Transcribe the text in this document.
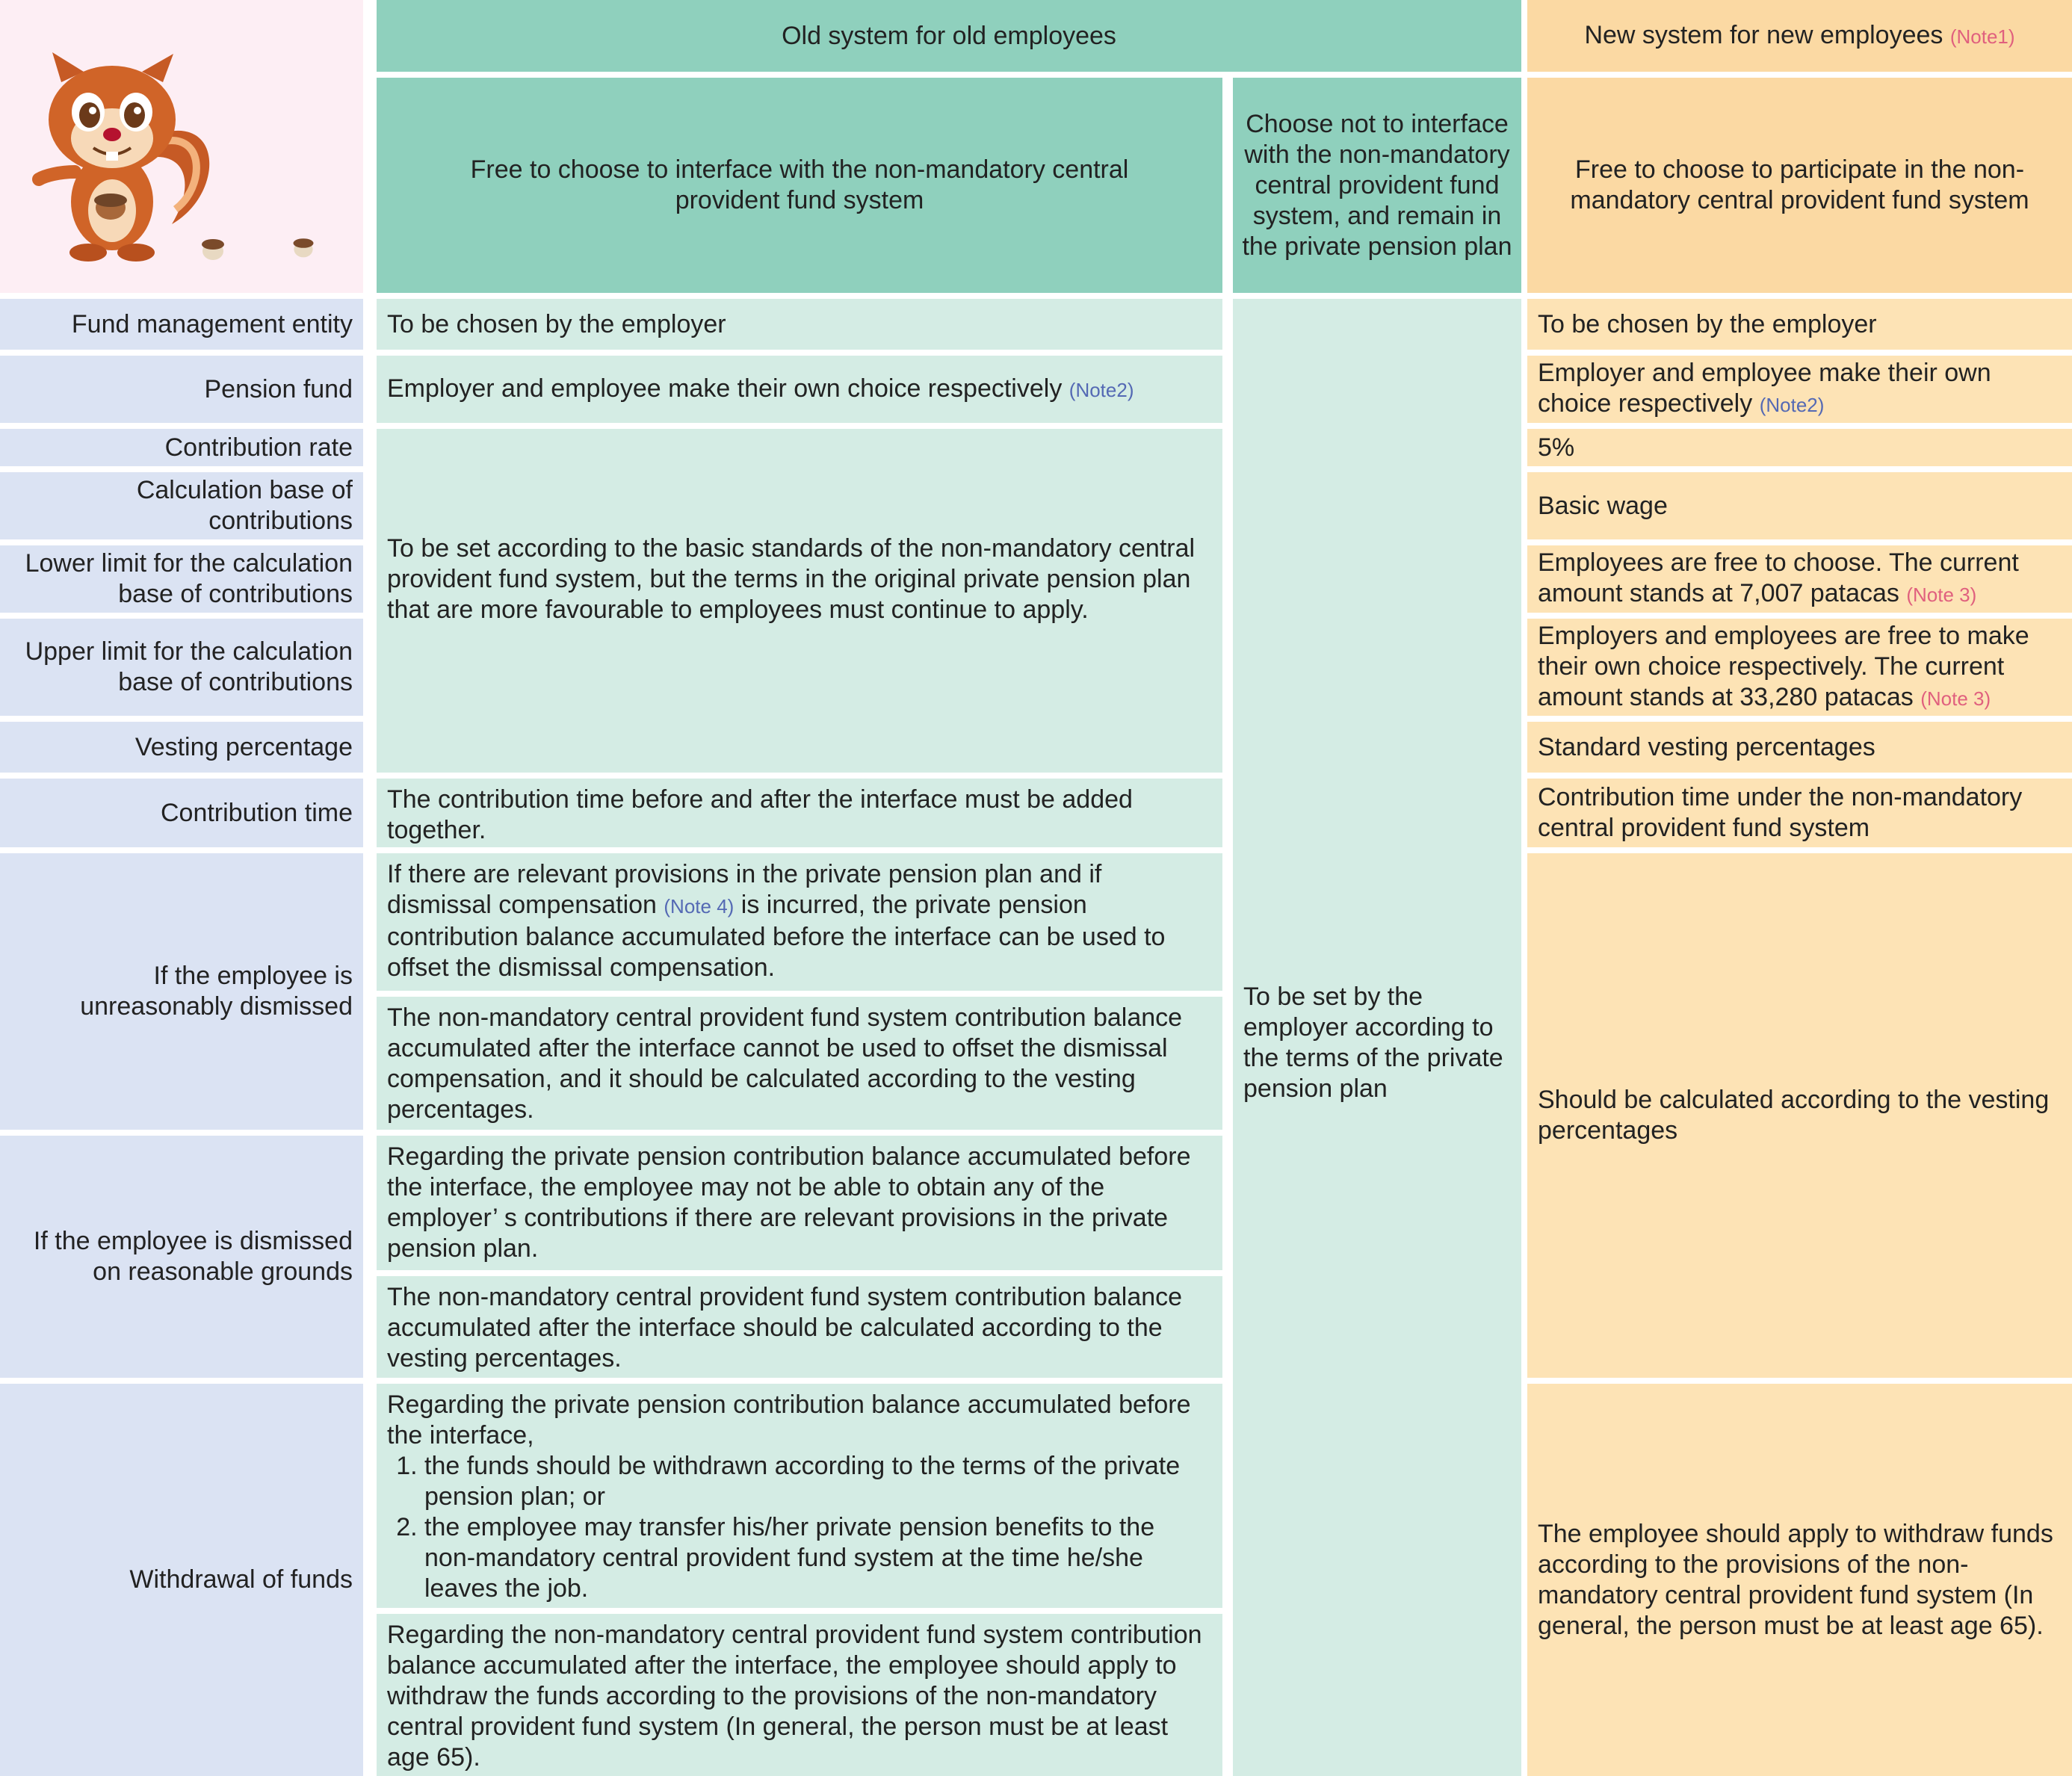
Old system for old employees	New system for new employees (Note1)
Free to choose to interface with the non-mandatory central provident fund system
Choose not to interface with the non-mandatory central provident fund system, and remain in the private pension plan
Free to choose to participate in the non-mandatory central provident fund system
Fund management entity
Pension fund
Contribution rate
Calculation base of contributions
Lower limit for the calculation base of contributions
Upper limit for the calculation base of contributions
Vesting percentage
Contribution time
If the employee is unreasonably dismissed
If the employee is dismissed on reasonable grounds
Withdrawal of funds
To be chosen by the employer
Employer and employee make their own choice respectively (Note2)
To be set according to the basic standards of the non-mandatory central provident fund system, but the terms in the original private pension plan that are more favourable to employees must continue to apply.
The contribution time before and after the interface must be added together.
If there are relevant provisions in the private pension plan and if dismissal compensation (Note 4) is incurred, the private pension contribution balance accumulated before the interface can be used to offset the dismissal compensation.
The non-mandatory central provident fund system contribution balance accumulated after the interface cannot be used to offset the dismissal compensation, and it should be calculated according to the vesting percentages.
Regarding the private pension contribution balance accumulated before the interface, the employee may not be able to obtain any of the employer’ s contributions if there are relevant provisions in the private pension plan.
The non-mandatory central provident fund system contribution balance accumulated after the interface should be calculated according to the vesting percentages.
Regarding the private pension contribution balance accumulated before the interface,
1. the funds should be withdrawn according to the terms of the private pension plan; or
2. the employee may transfer his/her private pension benefits to the non-mandatory central provident fund system at the time he/she leaves the job.
Regarding the non-mandatory central provident fund system contribution balance accumulated after the interface, the employee should apply to withdraw the funds according to the provisions of the non-mandatory central provident fund system (In general, the person must be at least age 65).
To be set by the employer according to the terms of the private pension plan
To be chosen by the employer
Employer and employee make their own choice respectively (Note2)
5%
Basic wage
Employees are free to choose. The current amount stands at 7,007 patacas (Note 3)
Employers and employees are free to make their own choice respectively. The current amount stands at 33,280 patacas (Note 3)
Standard vesting percentages
Contribution time under the non-mandatory central provident fund system
Should be calculated according to the vesting percentages
The employee should apply to withdraw funds according to the provisions of the non-mandatory central provident fund system (In general, the person must be at least age 65).
